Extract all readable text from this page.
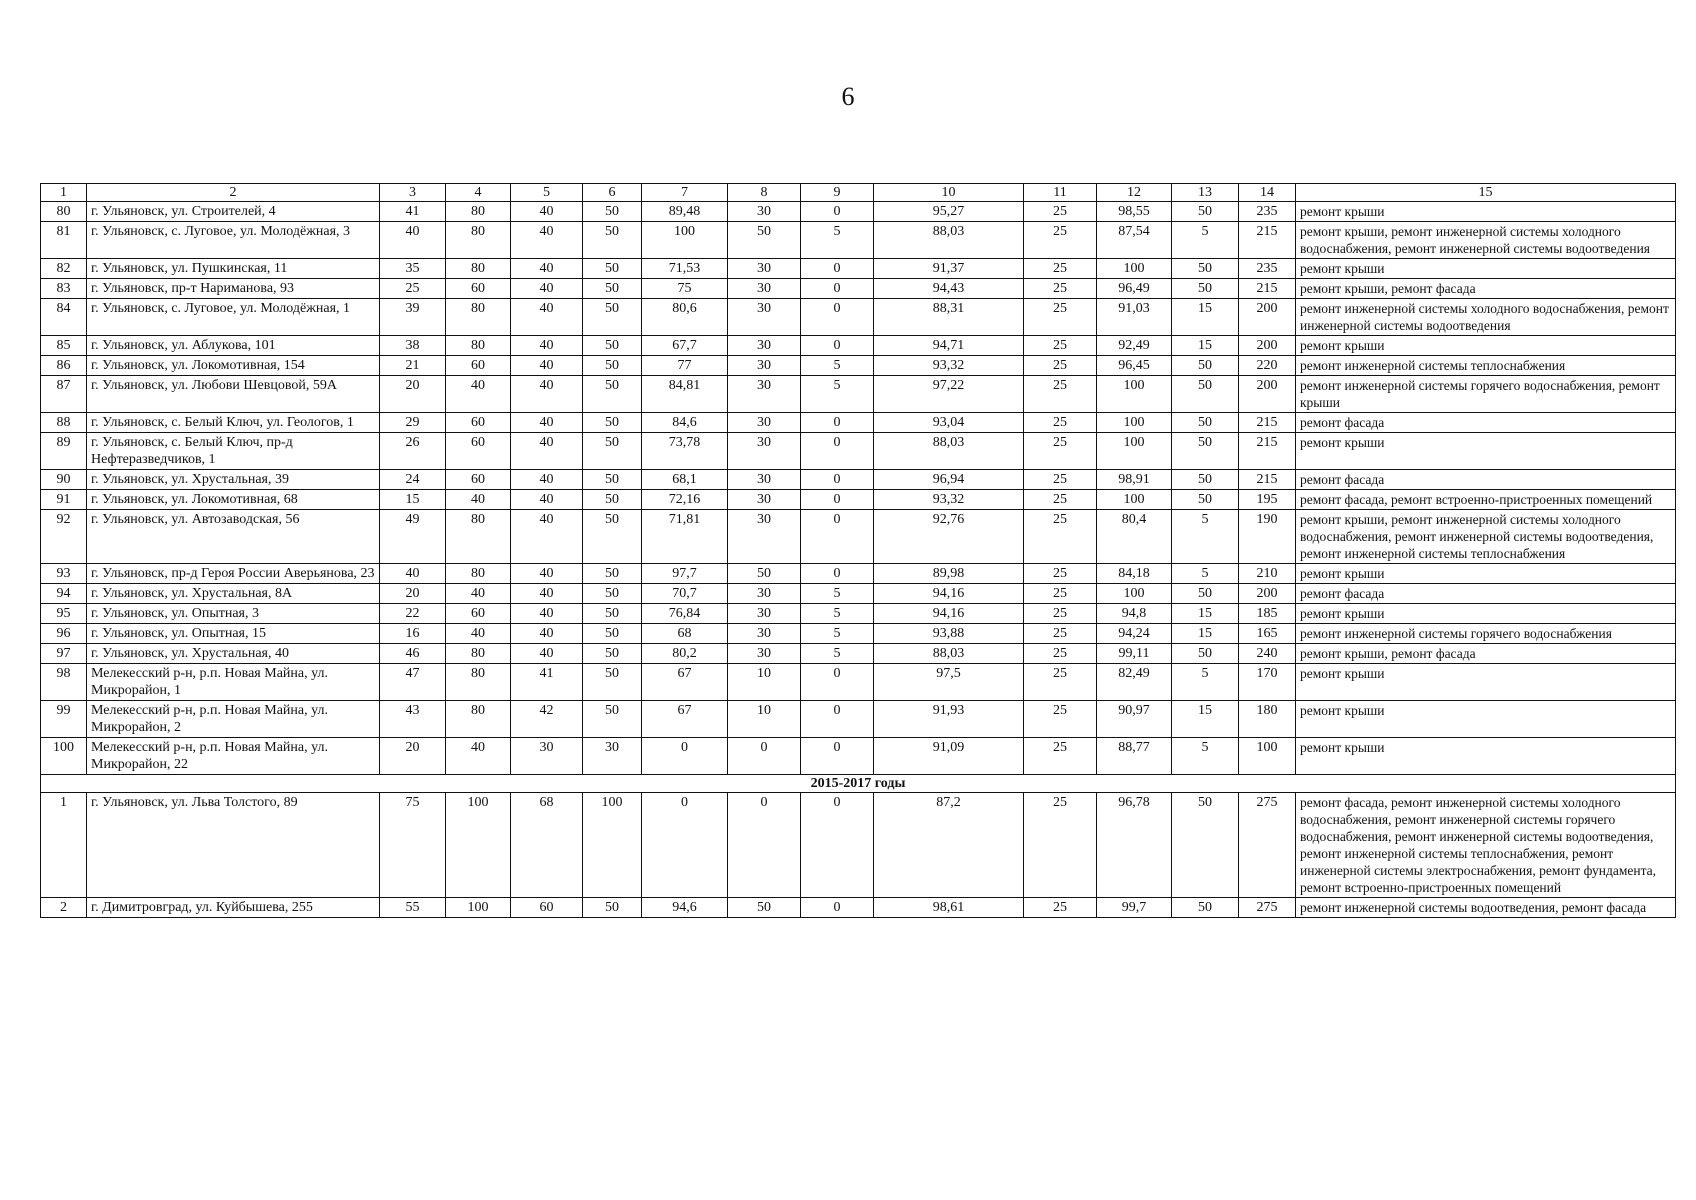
6
1	2	3	4	5	6	7	8	9	10	11	12	13	14	15
80	г. Ульяновск, ул. Строителей, 4	41	80	40	50	89,48	30	0	95,27	25	98,55	50	235	ремонт крыши
81	г. Ульяновск, с. Луговое, ул. Молодёжная, 3	40	80	40	50	100	50	5	88,03	25	87,54	5	215	ремонт крыши, ремонт инженерной системы холодного водоснабжения, ремонт инженерной системы водоотведения
82	г. Ульяновск, ул. Пушкинская, 11	35	80	40	50	71,53	30	0	91,37	25	100	50	235	ремонт крыши
83	г. Ульяновск, пр-т Нариманова, 93	25	60	40	50	75	30	0	94,43	25	96,49	50	215	ремонт крыши, ремонт фасада
84	г. Ульяновск, с. Луговое, ул. Молодёжная, 1	39	80	40	50	80,6	30	0	88,31	25	91,03	15	200	ремонт инженерной системы холодного водоснабжения, ремонт инженерной системы водоотведения
85	г. Ульяновск, ул. Аблукова, 101	38	80	40	50	67,7	30	0	94,71	25	92,49	15	200	ремонт крыши
86	г. Ульяновск, ул. Локомотивная, 154	21	60	40	50	77	30	5	93,32	25	96,45	50	220	ремонт инженерной системы теплоснабжения
87	г. Ульяновск, ул. Любови Шевцовой, 59А	20	40	40	50	84,81	30	5	97,22	25	100	50	200	ремонт инженерной системы горячего водоснабжения, ремонт крыши
88	г. Ульяновск, с. Белый Ключ, ул. Геологов, 1	29	60	40	50	84,6	30	0	93,04	25	100	50	215	ремонт фасада
89	г. Ульяновск, с. Белый Ключ, пр-д Нефтеразведчиков, 1	26	60	40	50	73,78	30	0	88,03	25	100	50	215	ремонт крыши
90	г. Ульяновск, ул. Хрустальная, 39	24	60	40	50	68,1	30	0	96,94	25	98,91	50	215	ремонт фасада
91	г. Ульяновск, ул. Локомотивная, 68	15	40	40	50	72,16	30	0	93,32	25	100	50	195	ремонт фасада, ремонт встроенно-пристроенных помещений
92	г. Ульяновск, ул. Автозаводская, 56	49	80	40	50	71,81	30	0	92,76	25	80,4	5	190	ремонт крыши, ремонт инженерной системы холодного водоснабжения, ремонт инженерной системы водоотведения, ремонт инженерной системы теплоснабжения
93	г. Ульяновск, пр-д Героя России Аверьянова, 23	40	80	40	50	97,7	50	0	89,98	25	84,18	5	210	ремонт крыши
94	г. Ульяновск, ул. Хрустальная, 8А	20	40	40	50	70,7	30	5	94,16	25	100	50	200	ремонт фасада
95	г. Ульяновск, ул. Опытная, 3	22	60	40	50	76,84	30	5	94,16	25	94,8	15	185	ремонт крыши
96	г. Ульяновск, ул. Опытная, 15	16	40	40	50	68	30	5	93,88	25	94,24	15	165	ремонт инженерной системы горячего водоснабжения
97	г. Ульяновск, ул. Хрустальная, 40	46	80	40	50	80,2	30	5	88,03	25	99,11	50	240	ремонт крыши, ремонт фасада
98	Мелекесский р-н, р.п. Новая Майна, ул. Микрорайон, 1	47	80	41	50	67	10	0	97,5	25	82,49	5	170	ремонт крыши
99	Мелекесский р-н, р.п. Новая Майна, ул. Микрорайон, 2	43	80	42	50	67	10	0	91,93	25	90,97	15	180	ремонт крыши
100	Мелекесский р-н, р.п. Новая Майна, ул. Микрорайон, 22	20	40	30	30	0	0	0	91,09	25	88,77	5	100	ремонт крыши
2015-2017 годы														
1	г. Ульяновск, ул. Льва Толстого, 89	75	100	68	100	0	0	0	87,2	25	96,78	50	275	ремонт фасада, ремонт инженерной системы холодного водоснабжения, ремонт инженерной системы горячего водоснабжения, ремонт инженерной системы водоотведения, ремонт инженерной системы теплоснабжения, ремонт инженерной системы электроснабжения, ремонт фундамента, ремонт встроенно-пристроенных помещений
2	г. Димитровград, ул. Куйбышева, 255	55	100	60	50	94,6	50	0	98,61	25	99,7	50	275	ремонт инженерной системы водоотведения, ремонт фасада
